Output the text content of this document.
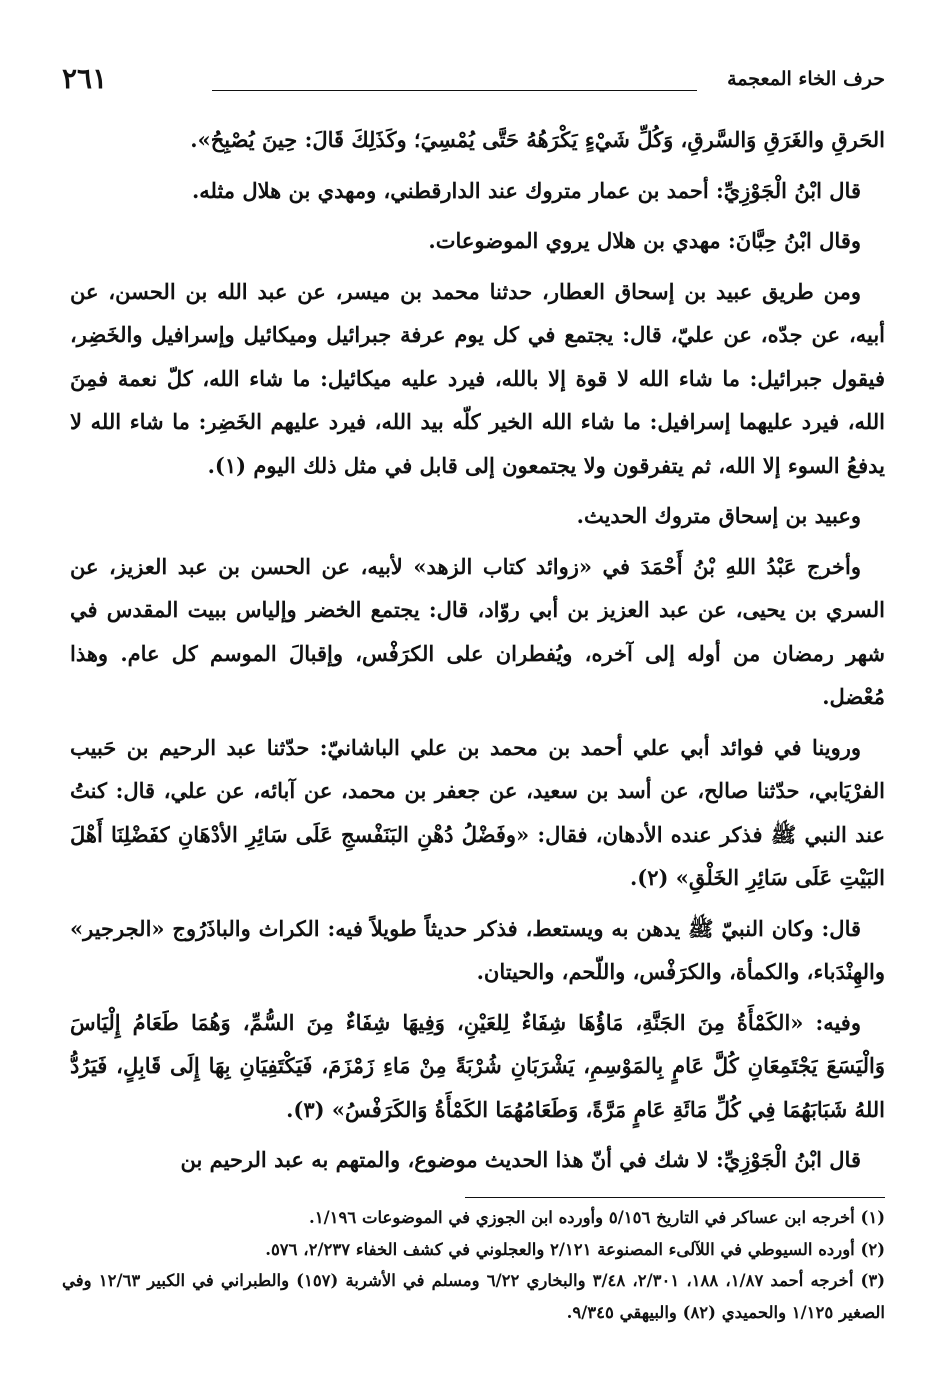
حرف الخاء المعجمة
٢٦١

الحَرقِ والغَرَقِ وَالسَّرقِ، وَكُلِّ شَيْءٍ يَكْرَهُهُ حَتَّى يُمْسِيَ؛ وكَذَلِكَ قَالَ: حِينَ يُصْبِحُ».

قال ابْنُ الْجَوْزِيِّ: أحمد بن عمار متروك عند الدارقطني، ومهدي بن هلال مثله.

وقال ابْنُ حِبَّانَ: مهدي بن هلال يروي الموضوعات.

ومن طريق عبيد بن إسحاق العطار، حدثنا محمد بن ميسر، عن عبد الله بن الحسن، عن أبيه، عن جدّه، عن عليّ، قال: يجتمع في كل يوم عرفة جبرائيل وميكائيل وإسرافيل والخَضِر، فيقول جبرائيل: ما شاء الله لا قوة إلا بالله، فيرد عليه ميكائيل: ما شاء الله، كلّ نعمة فمِنَ الله، فيرد عليهما إسرافيل: ما شاء الله الخير كلّه بيد الله، فيرد عليهم الخَضِر: ما شاء الله لا يدفعُ السوء إلا الله، ثم يتفرقون ولا يجتمعون إلى قابل في مثل ذلك اليوم (١).

وعبيد بن إسحاق متروك الحديث.

وأخرج عَبْدُ اللهِ بْنُ أَحْمَدَ في «زوائد كتاب الزهد» لأبيه، عن الحسن بن عبد العزيز، عن السري بن يحيى، عن عبد العزيز بن أبي روّاد، قال: يجتمع الخضر وإلياس ببيت المقدس في شهر رمضان من أوله إلى آخره، ويُفطران على الكرَفْس، وإقبالَ الموسم كل عام. وهذا مُعْضل.

وروينا في فوائد أبي علي أحمد بن محمد بن علي الباشانيّ: حدّثنا عبد الرحيم بن حَبيب الفرْيَابي، حدّثنا صالح، عن أسد بن سعيد، عن جعفر بن محمد، عن آبائه، عن علي، قال: كنتُ عند النبي ﷺ فذكر عنده الأدهان، فقال: «وفَضْلُ دُهْنِ البَنَفْسجِ عَلَى سَائِرِ الأدْهَانِ كفَضْلِنَا أَهْلَ البَيْتِ عَلَى سَائِرِ الخَلْقِ» (٢).

قال: وكان النبيّ ﷺ يدهن به ويستعط، فذكر حديثاً طويلاً فيه: الكراث والباذَرُوج «الجرجير» والهِنْدَباء، والكمأة، والكرَفْس، واللّحم، والحيتان.

وفيه: «الكَمْأَةُ مِنَ الجَنَّةِ، مَاؤُهَا شِفَاءٌ لِلعَيْنِ، وَفِيهَا شِفَاءٌ مِنَ السُّمِّ، وَهُمَا طَعَامُ إِلْيَاسَ وَالْيَسَعَ يَجْتَمِعَانِ كُلَّ عَامٍ بِالمَوْسِمِ، يَشْرَبَانِ شُرْبَةً مِنْ مَاءِ زَمْزَمَ، فَيَكْتَفِيَانِ بِهَا إِلَى قَابِلٍ، فَيَرُدُّ اللهُ شَبَابَهُمَا فِي كُلِّ مَائَةِ عَامٍ مَرَّةً، وَطَعَامُهُمَا الكَمْأَةُ وَالكَرَفْسُ» (٣).

قال ابْنُ الْجَوْزِيِّ: لا شك في أنّ هذا الحديث موضوع، والمتهم به عبد الرحيم بن

(١) أخرجه ابن عساكر في التاريخ ٥/١٥٦ وأورده ابن الجوزي في الموضوعات ١/١٩٦.

(٢) أورده السيوطي في اللآلىء المصنوعة ٢/١٢١ والعجلوني في كشف الخفاء ٢/٢٣٧، ٥٧٦.

(٣) أخرجه أحمد ١/٨٧، ١٨٨، ٢/٣٠١، ٣/٤٨ والبخاري ٦/٢٢ ومسلم في الأشربة (١٥٧) والطبراني في الكبير ١٢/٦٣ وفي الصغير ١/١٢٥ والحميدي (٨٢) والبيهقي ٩/٣٤٥.
